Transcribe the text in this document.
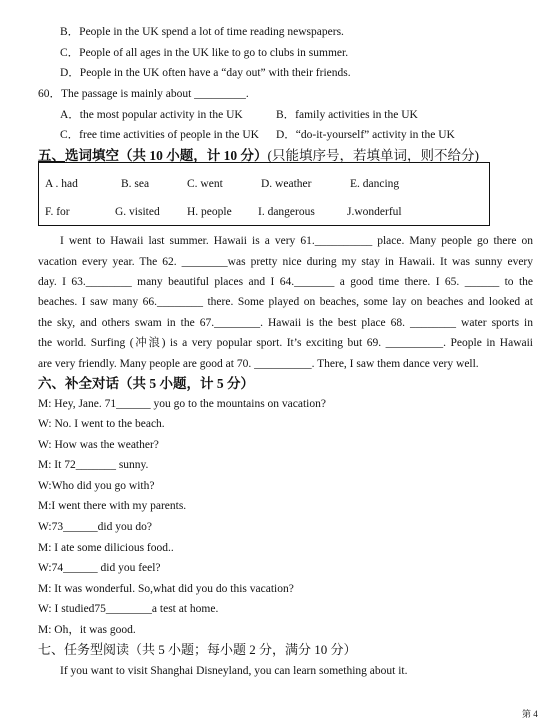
B．People in the UK spend a lot of time reading newspapers.
C．People of all ages in the UK like to go to clubs in summer.
D．People in the UK often have a “day out” with their friends.
60．The passage is mainly about _________.
A．the most popular activity in the UK	B．family activities in the UK
C．free time activities of people in the UK D．“do-it-yourself” activity in the UK
五、选词填空（共 10 小题，计 10 分）(只能填序号，若填单词，则不给分)
A . had	B. sea	C. went	D. weather	E. dancing
F. for	G. visited H. people I. dangerous	J.wonderful
I went to Hawaii last summer. Hawaii is a very 61.__________ place. Many people go there on
vacation every year. The 62. ________was pretty nice during my stay in Hawaii. It was sunny every
day. I 63.________ many beautiful places and I 64._______ a good time there. I 65. ______ to the
beaches. I saw many 66.________ there. Some played on beaches, some lay on beaches and looked at
the sky, and others swam in the 67.________. Hawaii is the best place 68. ________ water sports in
the world. Surfing (冲浪) is a very popular sport. It’s exciting but 69. __________. People in Hawaii
are very friendly. Many people are good at 70. __________. There, I saw them dance very well.
六、补全对话（共 5 小题，计 5 分）
M: Hey, Jane. 71______ you go to the mountains on vacation?
W: No. I went to the beach.
W: How was the weather?
M: It 72_______ sunny.
W:Who did you go with?
M:I went there with my parents.
W:73______did you do?
M: I ate some dilicious food..
W:74______ did you feel?
M: It was wonderful. So,what did you do this vacation?
W: I studied75________a test at home.
M: Oh，it was good.
七、任务型阅读（共 5 小题；每小题 2 分，满分 10 分）
If you want to visit Shanghai Disneyland, you can learn something about it.
第 4
